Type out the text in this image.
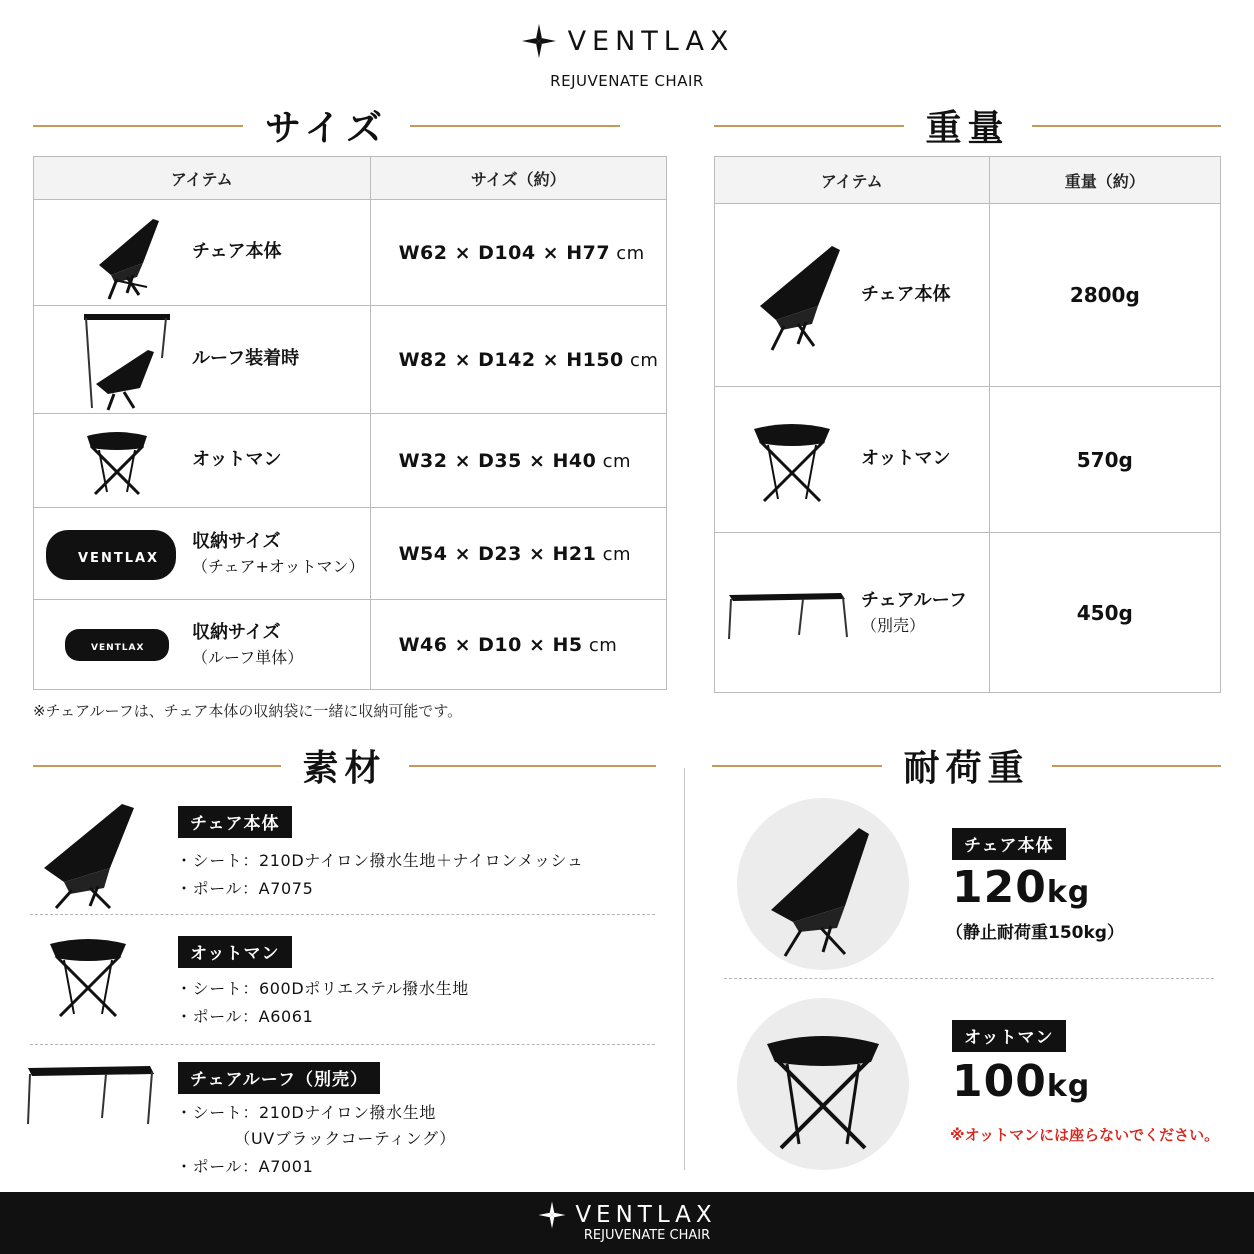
VENTLAX
REJUVENATE CHAIR
サイズ	重量
アイテム	サイズ（約）

チェア本体	W62 × D104 × H77 cm

ルーフ装着時	W82 × D142 × H150 cm

オットマン	W32 × D35 × H40 cm

VENTLAX
収納サイズ
（チェア+オットマン）	W54 × D23 × H21 cm

VENTLAX
収納サイズ
（ルーフ単体）	W46 × D10 × H5 cm
アイテム	重量（約）

チェア本体	2800g

オットマン	570g

チェアルーフ
（別売）	450g
※チェアルーフは、チェア本体の収納袋に一緒に収納可能です。
素材	耐荷重
チェア本体
・シート：210Dナイロン撥水生地＋ナイロンメッシュ
・ポール：A7075
オットマン
・シート：600Dポリエステル撥水生地
・ポール：A6061
チェアルーフ（別売）
・シート：210Dナイロン撥水生地
　　　　（UVブラックコーティング）
・ポール：A7001
チェア本体
120kg
（静止耐荷重150kg）
オットマン
100kg
※オットマンには座らないでください。
VENTLAX
REJUVENATE CHAIR
